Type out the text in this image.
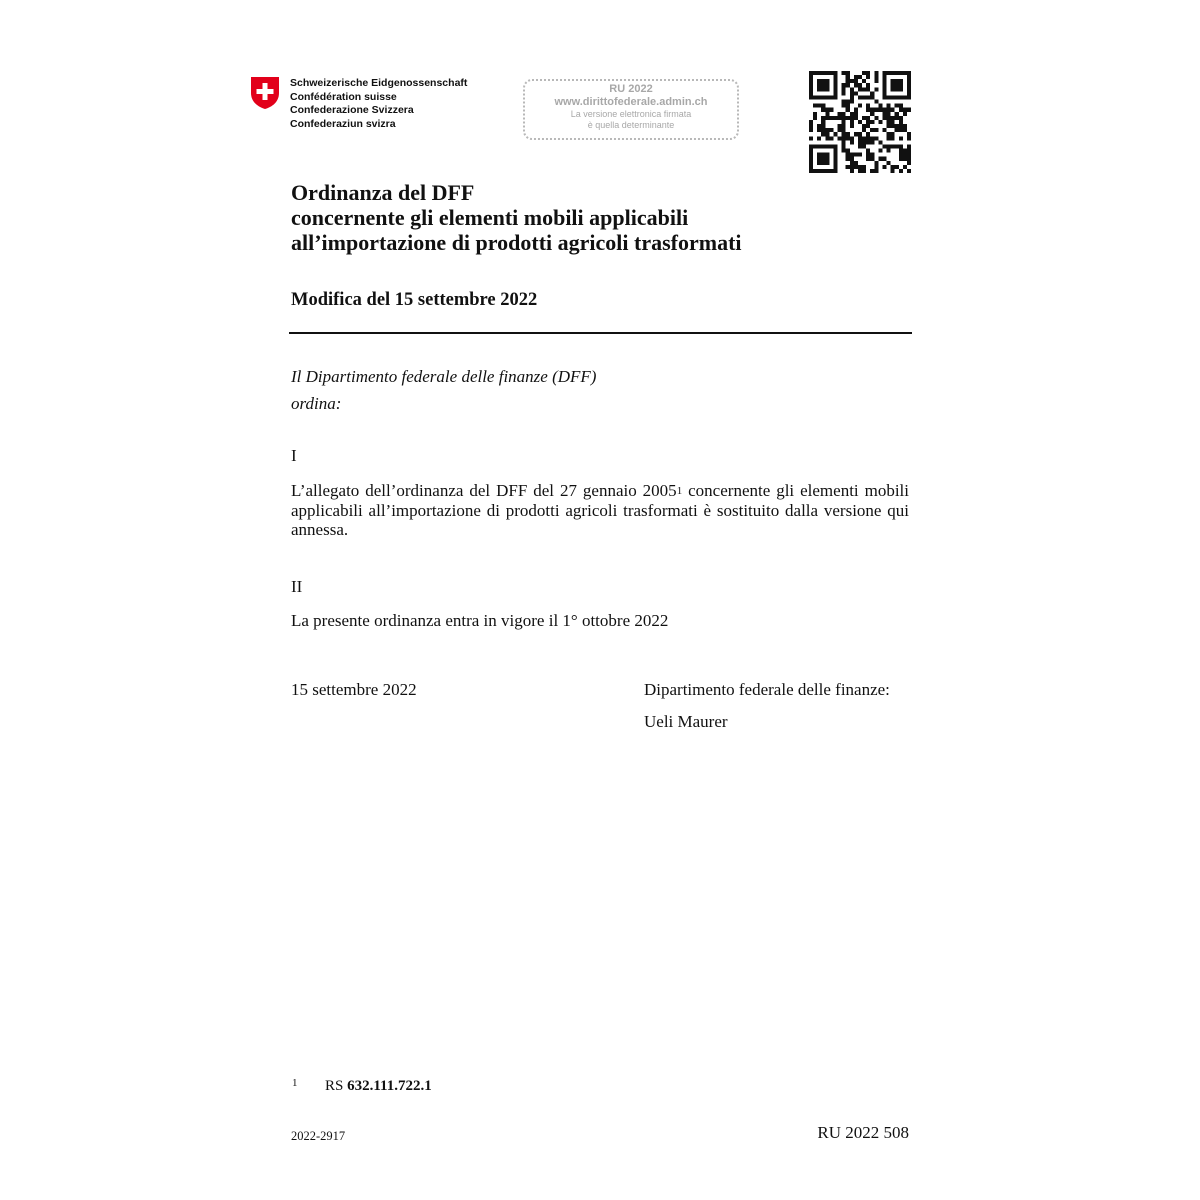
Schweizerische Eidgenossenschaft
Confédération suisse
Confederazione Svizzera
Confederaziun svizra
RU 2022
www.dirittofederale.admin.ch
La versione elettronica firmata
è quella determinante
Ordinanza del DFF
concernente gli elementi mobili applicabili
all’importazione di prodotti agricoli trasformati
Modifica del 15 settembre 2022
Il Dipartimento federale delle finanze (DFF)
ordina:
I
L’allegato dell’ordinanza del DFF del 27 gennaio 2005$^1$ concernente gli elementi mobili applicabili all’importazione di prodotti agricoli trasformati è sostituito dalla versione qui annessa.
II
La presente ordinanza entra in vigore il 1° ottobre 2022
15 settembre 2022	Dipartimento federale delle finanze:
Ueli Maurer
1 RS 632.111.722.1
2022-2917	RU 2022 508
